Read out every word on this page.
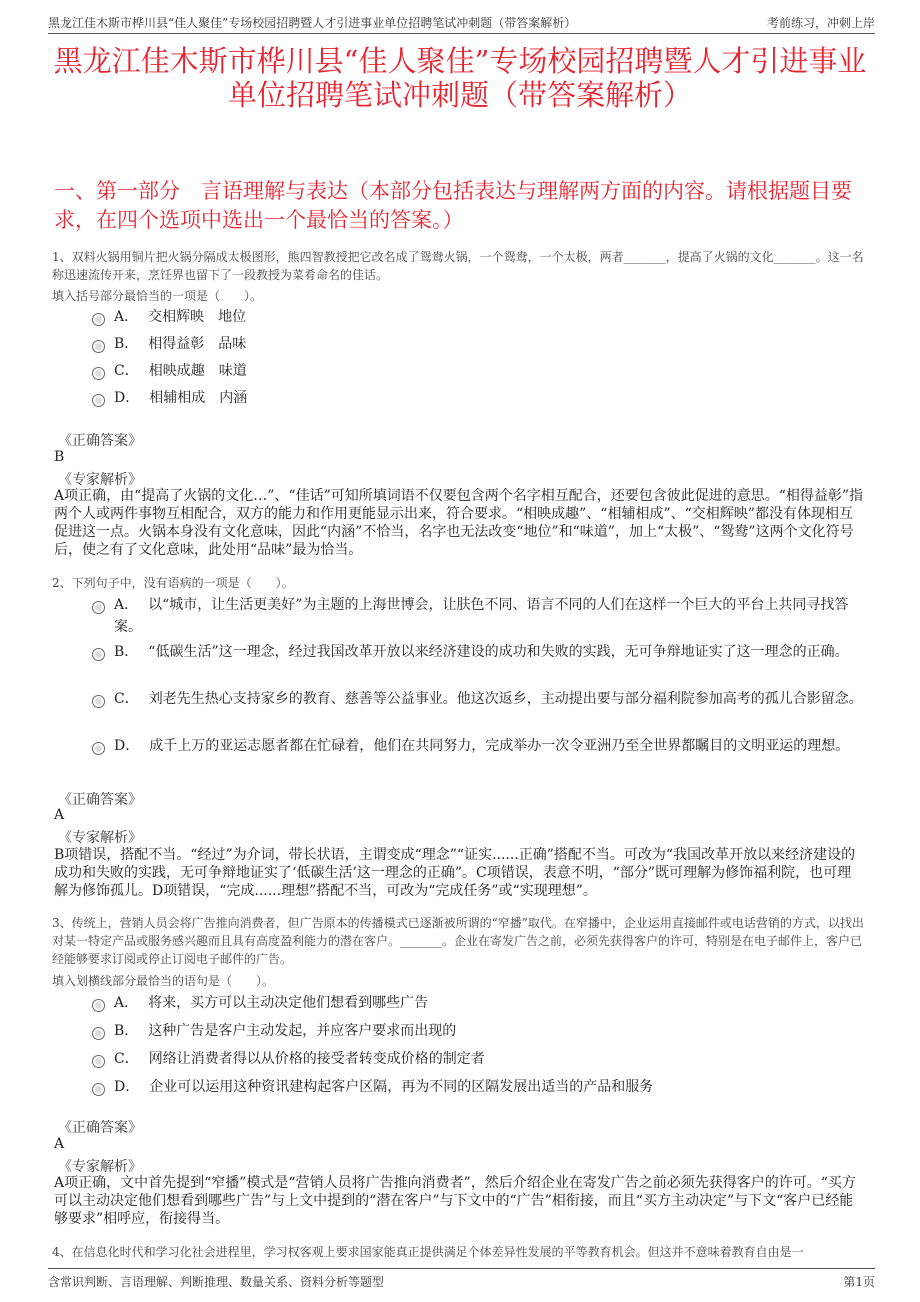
黑龙江佳木斯市桦川县“佳人聚佳”专场校园招聘暨人才引进事业单位招聘笔试冲刺题（带答案解析）	考前练习，冲刺上岸
黑龙江佳木斯市桦川县“佳人聚佳”专场校园招聘暨人才引进事业单位招聘笔试冲刺题（带答案解析）
一、第一部分　言语理解与表达（本部分包括表达与理解两方面的内容。请根据题目要求，在四个选项中选出一个最恰当的答案。）
1、双料火锅用铜片把火锅分隔成太极图形，熊四智教授把它改名成了鸳鸯火锅，一个鸳鸯，一个太极，两者_______，提高了火锅的文化_______。这一名称迅速流传开来，烹饪界也留下了一段教授为菜肴命名的佳话。
填入括号部分最恰当的一项是（　　）。
A． 交相辉映　地位
B． 相得益彰　品味
C． 相映成趣　味道
D． 相辅相成　内涵
《正确答案》
B
《专家解析》
A项正确，由“提高了火锅的文化…”、“佳话”可知所填词语不仅要包含两个名字相互配合，还要包含彼此促进的意思。“相得益彰”指两个人或两件事物互相配合，双方的能力和作用更能显示出来，符合要求。“相映成趣”、“相辅相成”、“交相辉映”都没有体现相互促进这一点。火锅本身没有文化意味，因此“内涵”不恰当，名字也无法改变“地位”和“味道”，加上“太极”、“鸳鸯”这两个文化符号后，使之有了文化意味，此处用“品味”最为恰当。
2、下列句子中，没有语病的一项是（　　）。
A． 以“城市，让生活更美好”为主题的上海世博会，让肤色不同、语言不同的人们在这样一个巨大的平台上共同寻找答案。
B． “低碳生活”这一理念，经过我国改革开放以来经济建设的成功和失败的实践，无可争辩地证实了这一理念的正确。
C． 刘老先生热心支持家乡的教育、慈善等公益事业。他这次返乡，主动提出要与部分福利院参加高考的孤儿合影留念。
D． 成千上万的亚运志愿者都在忙碌着，他们在共同努力，完成举办一次令亚洲乃至全世界都瞩目的文明亚运的理想。
《正确答案》
A
《专家解析》
B项错误，搭配不当。“经过”为介词，带长状语，主谓变成“理念”“证实......正确”搭配不当。可改为“我国改革开放以来经济建设的成功和失败的实践，无可争辩地证实了‘低碳生活’这一理念的正确”。C项错误，表意不明，“部分”既可理解为修饰福利院，也可理解为修饰孤儿。D项错误，“完成......理想”搭配不当，可改为“完成任务”或“实现理想”。
3、传统上，营销人员会将广告推向消费者，但广告原本的传播模式已逐渐被所谓的“窄播”取代。在窄播中，企业运用直接邮件或电话营销的方式，以找出对某一特定产品或服务感兴趣而且具有高度盈利能力的潜在客户。_______。企业在寄发广告之前，必须先获得客户的许可，特别是在电子邮件上，客户已经能够要求订阅或停止订阅电子邮件的广告。
填入划横线部分最恰当的语句是（　　）。
A． 将来，买方可以主动决定他们想看到哪些广告
B． 这种广告是客户主动发起，并应客户要求而出现的
C． 网络让消费者得以从价格的接受者转变成价格的制定者
D． 企业可以运用这种资讯建构起客户区隔，再为不同的区隔发展出适当的产品和服务
《正确答案》
A
《专家解析》
A项正确，文中首先提到“窄播”模式是“营销人员将广告推向消费者”，然后介绍企业在寄发广告之前必须先获得客户的许可。“买方可以主动决定他们想看到哪些广告”与上文中提到的“潜在客户”与下文中的“广告”相衔接，而且“买方主动决定”与下文“客户已经能够要求”相呼应，衔接得当。
4、在信息化时代和学习化社会进程里，学习权客观上要求国家能真正提供满足个体差异性发展的平等教育机会。但这并不意味着教育自由是一
含常识判断、言语理解、判断推理、数量关系、资料分析等题型	第1页
